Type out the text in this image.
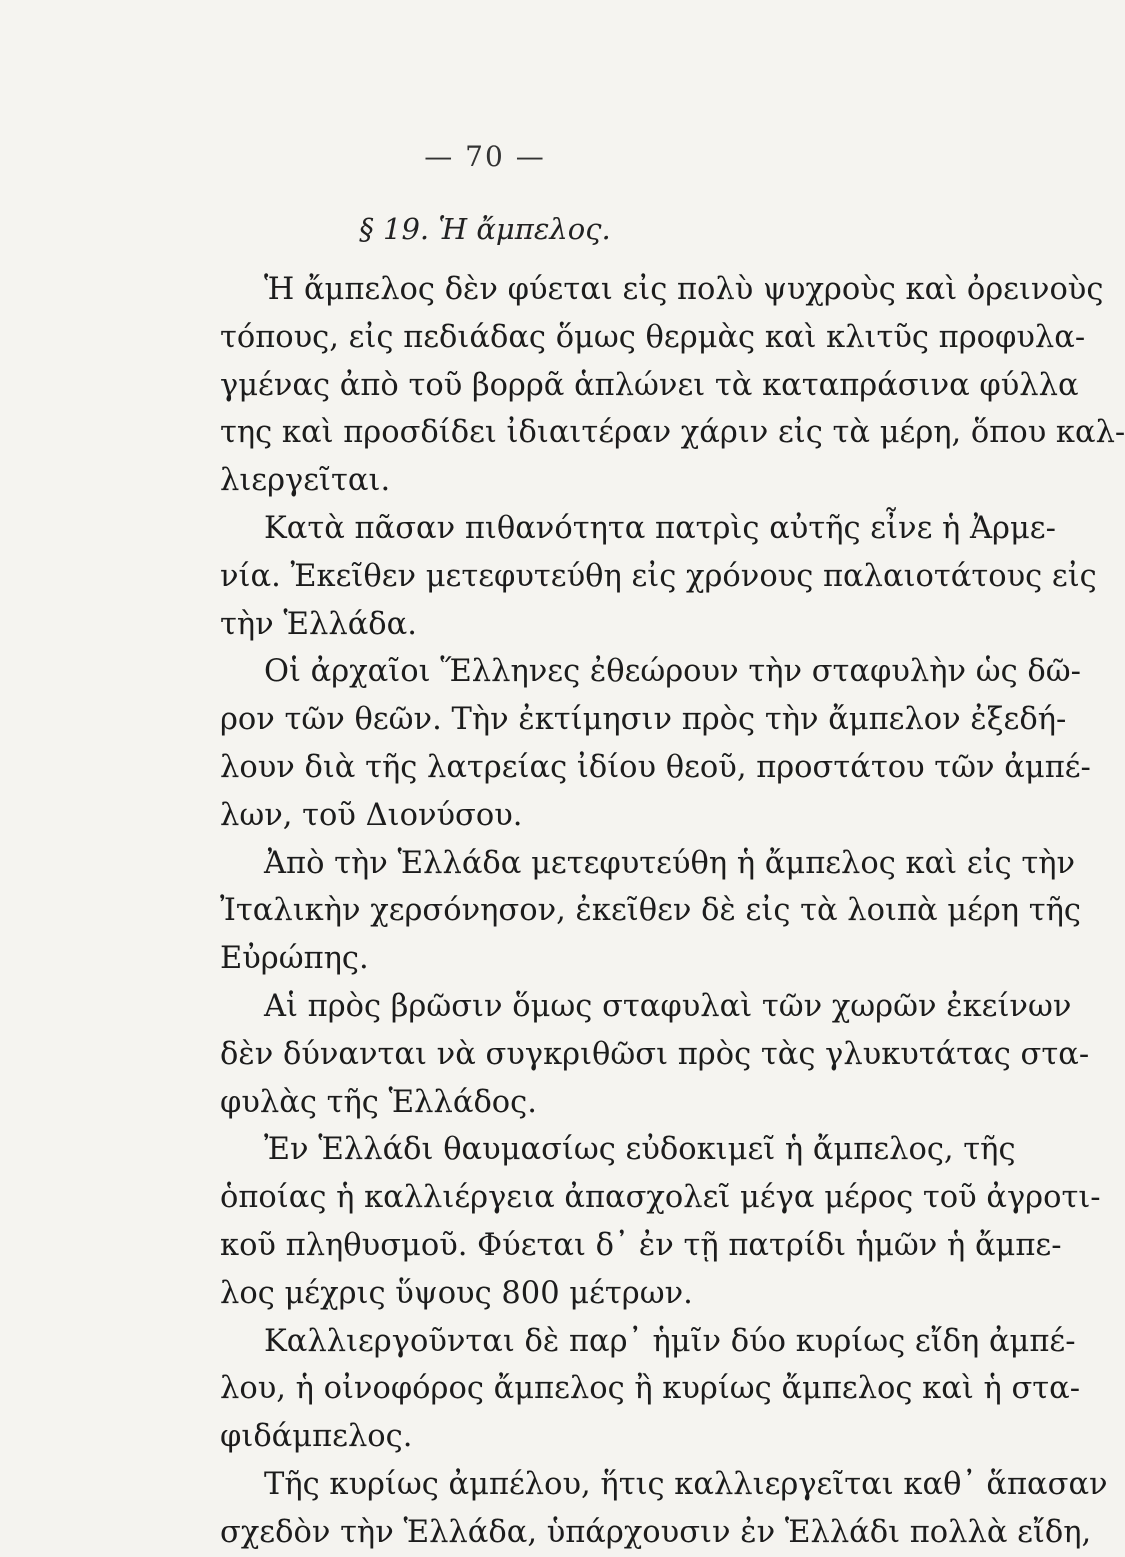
— 70 —
§ 19. Ἡ ἄμπελος.
Ἡ ἄμπελος δὲν φύεται εἰς πολὺ ψυχροὺς καὶ ὀρεινοὺς
τόπους, εἰς πεδιάδας ὅμως θερμὰς καὶ κλιτῦς προφυλα-
γμένας ἀπὸ τοῦ βορρᾶ ἁπλώνει τὰ καταπράσινα φύλλα
της καὶ προσδίδει ἰδιαιτέραν χάριν εἰς τὰ μέρη, ὅπου καλ-
λιεργεῖται.
Κατὰ πᾶσαν πιθανότητα πατρὶς αὐτῆς εἶνε ἡ Ἀρμε-
νία. Ἐκεῖθεν μετεφυτεύθη εἰς χρόνους παλαιοτάτους εἰς
τὴν Ἑλλάδα.
Οἱ ἀρχαῖοι Ἕλληνες ἐθεώρουν τὴν σταφυλὴν ὡς δῶ-
ρον τῶν θεῶν. Τὴν ἐκτίμησιν πρὸς τὴν ἄμπελον ἐξεδή-
λουν διὰ τῆς λατρείας ἰδίου θεοῦ, προστάτου τῶν ἀμπέ-
λων, τοῦ Διονύσου.
Ἀπὸ τὴν Ἑλλάδα μετεφυτεύθη ἡ ἄμπελος καὶ εἰς τὴν
Ἰταλικὴν χερσόνησον, ἐκεῖθεν δὲ εἰς τὰ λοιπὰ μέρη τῆς
Εὐρώπης.
Αἱ πρὸς βρῶσιν ὅμως σταφυλαὶ τῶν χωρῶν ἐκείνων
δὲν δύνανται νὰ συγκριθῶσι πρὸς τὰς γλυκυτάτας στα-
φυλὰς τῆς Ἑλλάδος.
Ἐν Ἑλλάδι θαυμασίως εὐδοκιμεῖ ἡ ἄμπελος, τῆς
ὁποίας ἡ καλλιέργεια ἀπασχολεῖ μέγα μέρος τοῦ ἀγροτι-
κοῦ πληθυσμοῦ. Φύεται δ᾽ ἐν τῇ πατρίδι ἡμῶν ἡ ἄμπε-
λος μέχρις ὕψους 800 μέτρων.
Καλλιεργοῦνται δὲ παρ᾽ ἡμῖν δύο κυρίως εἴδη ἀμπέ-
λου, ἡ οἰνοφόρος ἄμπελος ἢ κυρίως ἄμπελος καὶ ἡ στα-
φιδάμπελος.
Τῆς κυρίως ἀμπέλου, ἥτις καλλιεργεῖται καθ᾽ ἅπασαν
σχεδὸν τὴν Ἑλλάδα, ὑπάρχουσιν ἐν Ἑλλάδι πολλὰ εἴδη,
